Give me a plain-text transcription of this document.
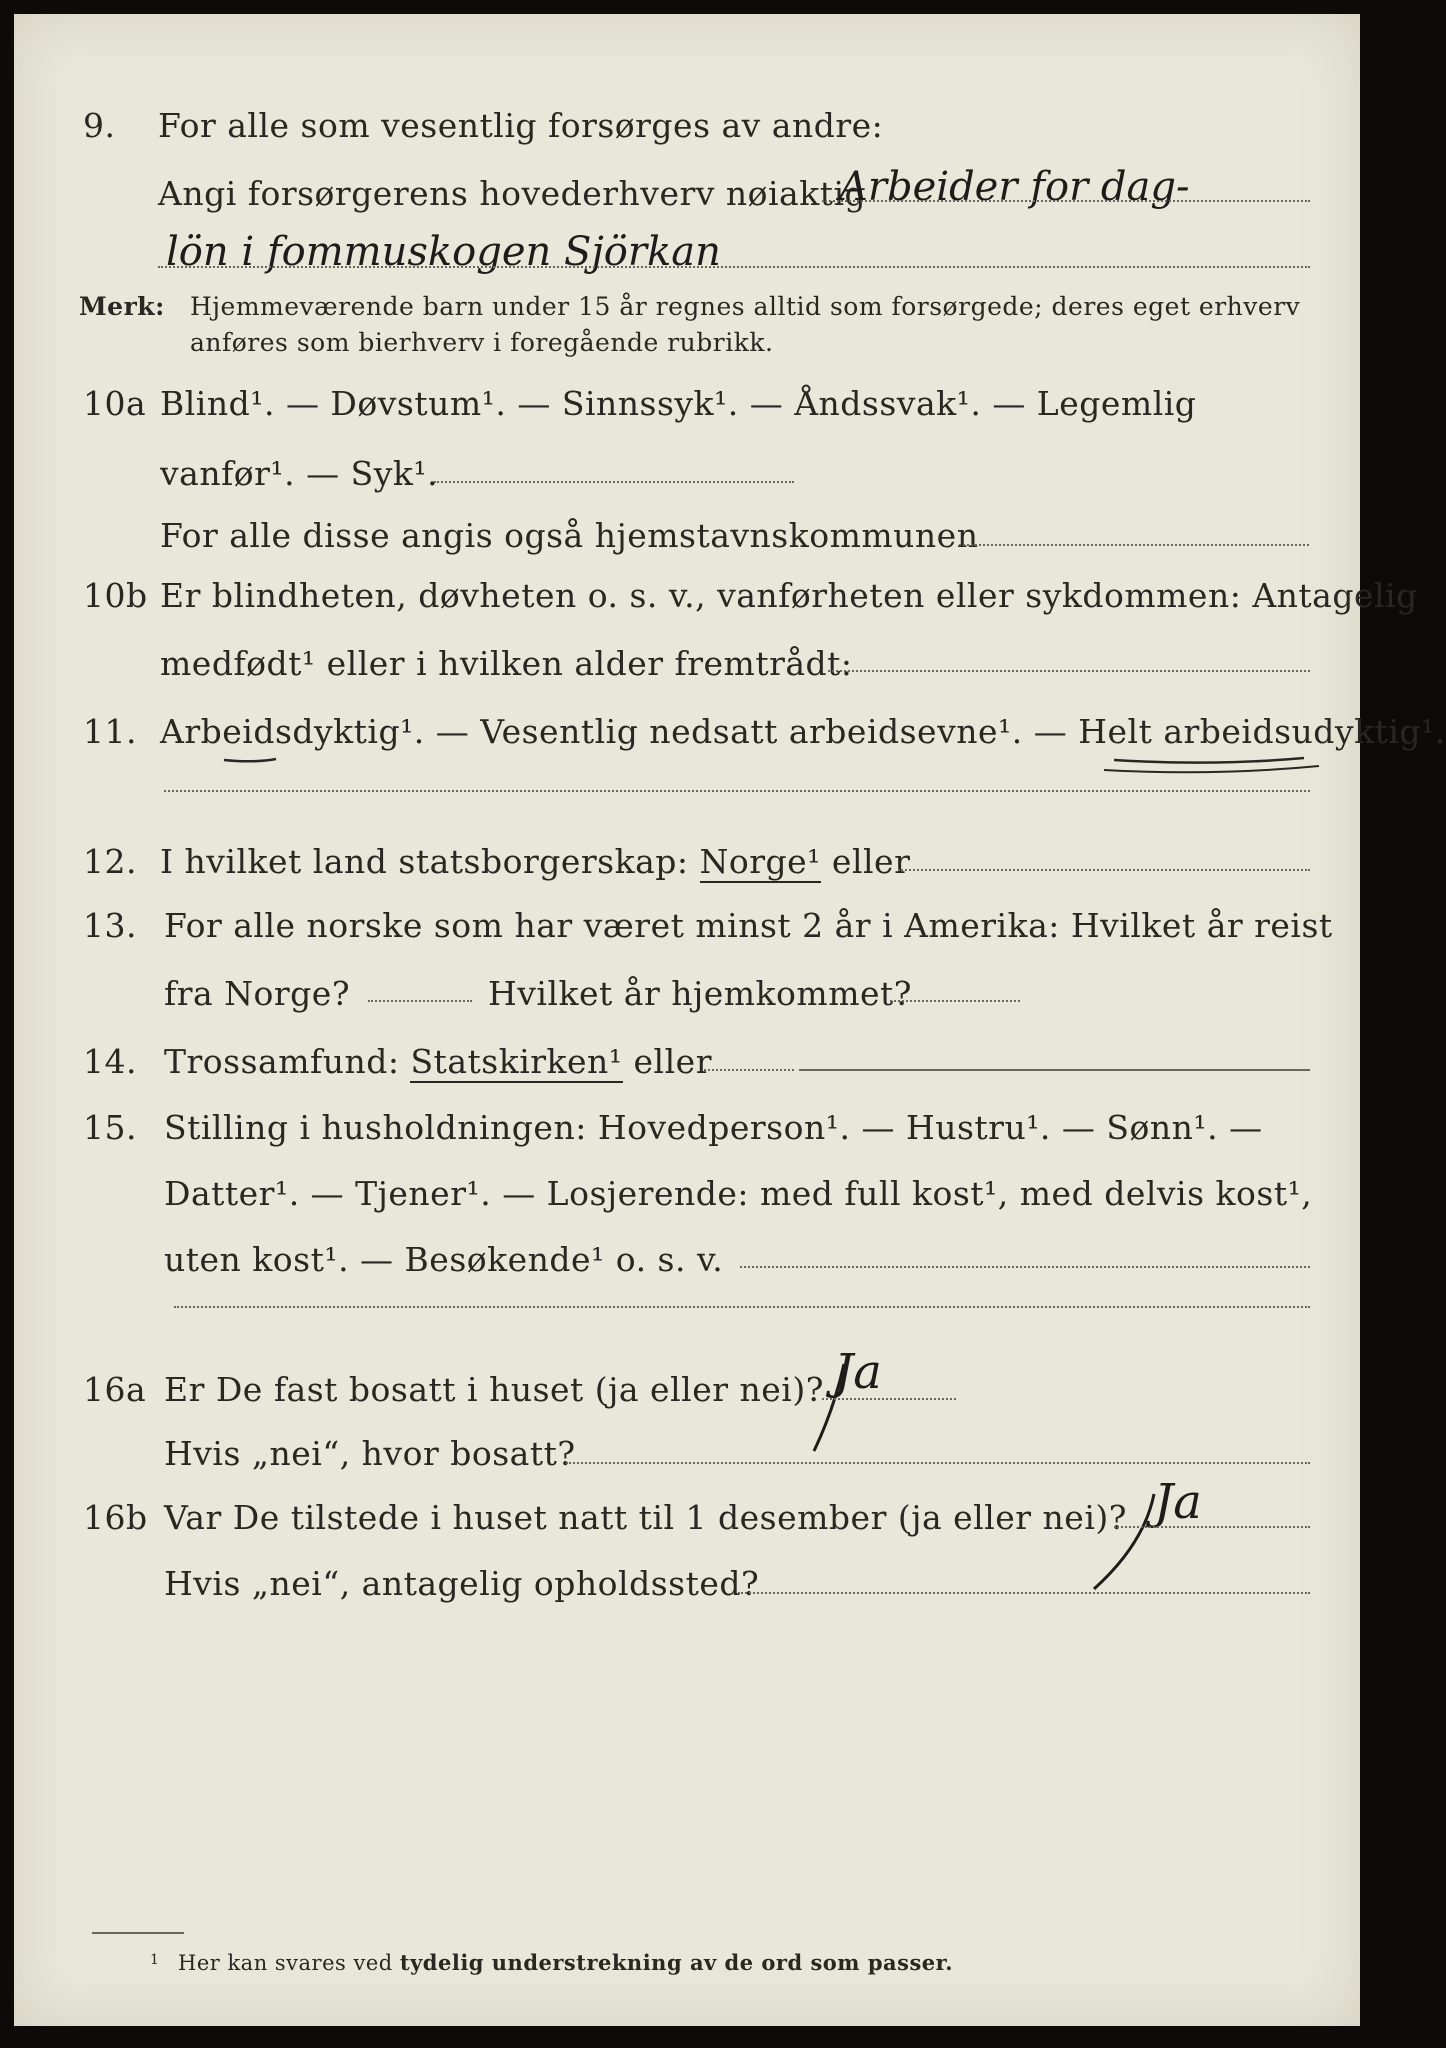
9. For alle som vesentlig forsørges av andre:
Angi forsørgerens hovederhverv nøiaktig
Arbeider for dag-
lön i fommuskogen Sjörkan
Merk: Hjemmeværende barn under 15 år regnes alltid som forsørgede; deres eget erhverv
anføres som bierhverv i foregående rubrikk.
10a Blind¹. — Døvstum¹. — Sinnssyk¹. — Åndssvak¹. — Legemlig
vanfør¹. — Syk¹.
For alle disse angis også hjemstavnskommunen
10b Er blindheten, døvheten o. s. v., vanførheten eller sykdommen: Antagelig
medfødt¹ eller i hvilken alder fremtrådt:
11. Arbeidsdyktig¹. — Vesentlig nedsatt arbeidsevne¹. — Helt arbeidsudyktig¹.
12. I hvilket land statsborgerskap: Norge¹ eller
13. For alle norske som har været minst 2 år i Amerika: Hvilket år reist
fra Norge?	Hvilket år hjemkommet?
14. Trossamfund: Statskirken¹ eller
15. Stilling i husholdningen: Hovedperson¹. — Hustru¹. — Sønn¹. —
Datter¹. — Tjener¹. — Losjerende: med full kost¹, med delvis kost¹,
uten kost¹. — Besøkende¹ o. s. v.
16a Er De fast bosatt i huset (ja eller nei)? Ja
Hvis „nei“, hvor bosatt?
16b Var De tilstede i huset natt til 1 desember (ja eller nei)? Ja
Hvis „nei“, antagelig opholdssted?
1 Her kan svares ved tydelig understrekning av de ord som passer.
